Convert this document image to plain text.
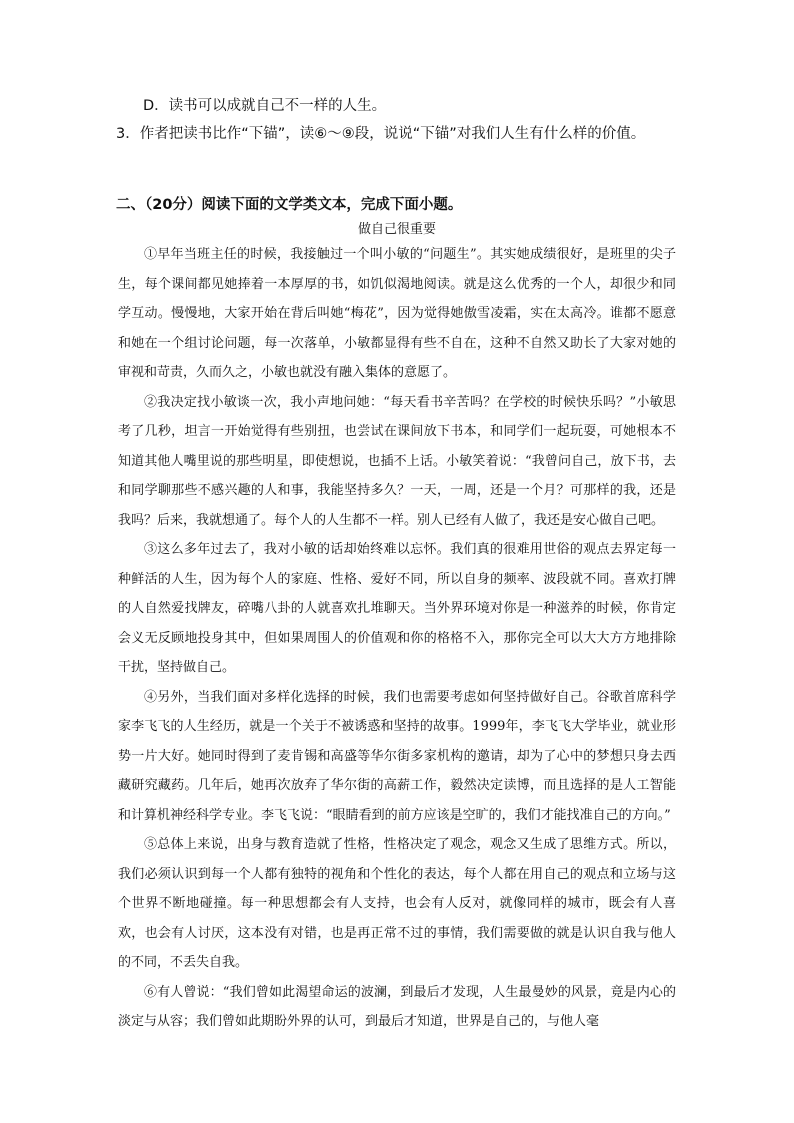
D．读书可以成就自己不一样的人生。
3．作者把读书比作“下锚”，读⑥～⑨段，说说“下锚”对我们人生有什么样的价值。
二、（20分）阅读下面的文学类文本，完成下面小题。
做自己很重要

①早年当班主任的时候，我接触过一个叫小敏的“问题生”。其实她成绩很好，是班里的尖子生，每个课间都见她捧着一本厚厚的书，如饥似渴地阅读。就是这么优秀的一个人，却很少和同学互动。慢慢地，大家开始在背后叫她“梅花”，因为觉得她傲雪凌霜，实在太高冷。谁都不愿意和她在一个组讨论问题，每一次落单，小敏都显得有些不自在，这种不自然又助长了大家对她的审视和苛责，久而久之，小敏也就没有融入集体的意愿了。

②我决定找小敏谈一次，我小声地问她：“每天看书辛苦吗？在学校的时候快乐吗？”小敏思考了几秒，坦言一开始觉得有些别扭，也尝试在课间放下书本，和同学们一起玩耍，可她根本不知道其他人嘴里说的那些明星，即使想说，也插不上话。小敏笑着说：“我曾问自己，放下书，去和同学聊那些不感兴趣的人和事，我能坚持多久？一天，一周，还是一个月？可那样的我，还是我吗？后来，我就想通了。每个人的人生都不一样。别人已经有人做了，我还是安心做自己吧。

③这么多年过去了，我对小敏的话却始终难以忘怀。我们真的很难用世俗的观点去界定每一种鲜活的人生，因为每个人的家庭、性格、爱好不同，所以自身的频率、波段就不同。喜欢打牌的人自然爱找牌友，碎嘴八卦的人就喜欢扎堆聊天。当外界环境对你是一种滋养的时候，你肯定会义无反顾地投身其中，但如果周围人的价值观和你的格格不入，那你完全可以大大方方地排除干扰，坚持做自己。

④另外，当我们面对多样化选择的时候，我们也需要考虑如何坚持做好自己。谷歌首席科学家李飞飞的人生经历，就是一个关于不被诱惑和坚持的故事。1999年，李飞飞大学毕业，就业形势一片大好。她同时得到了麦肯锡和高盛等华尔街多家机构的邀请，却为了心中的梦想只身去西藏研究藏药。几年后，她再次放弃了华尔街的高薪工作，毅然决定读博，而且选择的是人工智能和计算机神经科学专业。李飞飞说：“眼睛看到的前方应该是空旷的，我们才能找准自己的方向。”

⑤总体上来说，出身与教育造就了性格，性格决定了观念，观念又生成了思维方式。所以，我们必须认识到每一个人都有独特的视角和个性化的表达，每个人都在用自己的观点和立场与这个世界不断地碰撞。每一种思想都会有人支持，也会有人反对，就像同样的城市，既会有人喜欢，也会有人讨厌，这本没有对错，也是再正常不过的事情，我们需要做的就是认识自我与他人的不同，不丢失自我。

⑥有人曾说：“我们曾如此渴望命运的波澜，到最后才发现，人生最曼妙的风景，竟是内心的淡定与从容；我们曾如此期盼外界的认可，到最后才知道，世界是自己的，与他人毫
